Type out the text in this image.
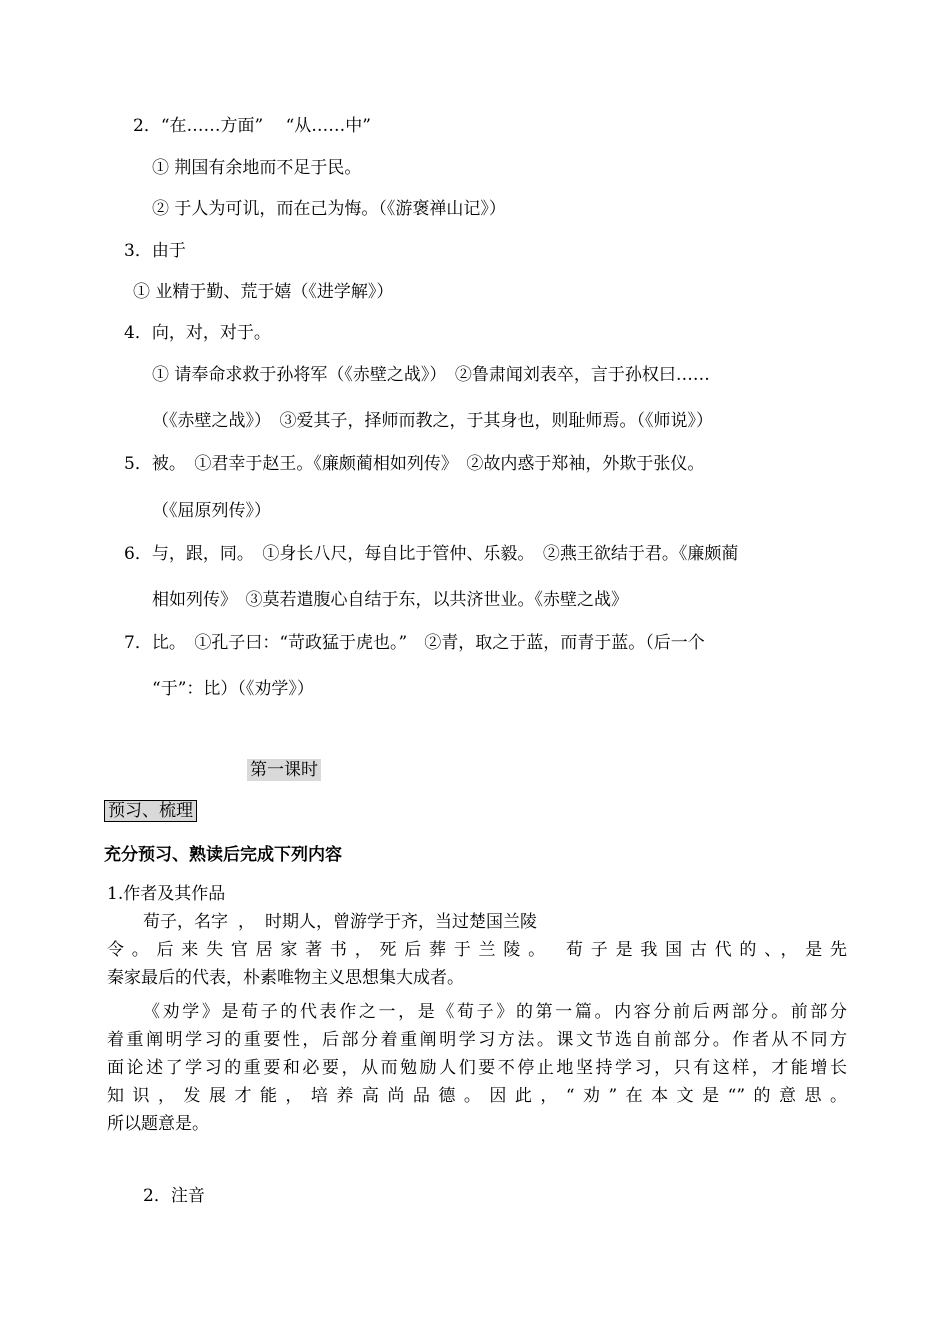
2．“在……方面”　 “从……中”

① 荆国有余地而不足于民。

② 于人为可讥，而在己为悔。（《游褒禅山记》）

3．由于

① 业精于勤、荒于嬉（《进学解》）

4．向，对，对于。

① 请奉命求救于孙将军（《赤壁之战》）　②鲁肃闻刘表卒，言于孙权曰……

（《赤壁之战》）　③爱其子，择师而教之，于其身也，则耻师焉。（《师说》）

5．被。　①君幸于赵王。《廉颇蔺相如列传》　②故内惑于郑袖，外欺于张仪。

（《屈原列传》）

6．与，跟，同。　①身长八尺，每自比于管仲、乐毅。　②燕王欲结于君。《廉颇蔺

相如列传》　③莫若遣腹心自结于东，以共济世业。《赤壁之战》

7．比。　①孔子曰：“苛政猛于虎也。”　②青，取之于蓝，而青于蓝。（后一个

“于”：比）（《劝学》）

第一课时

预习、梳理

充分预习、熟读后完成下列内容

1.作者及其作品

荀子，名字 ， 时期人，曾游学于齐，当过楚国兰陵

令。后来失官居家著书，死后葬于兰陵。 荀子是我国古代的、，是先

秦家最后的代表，朴素唯物主义思想集大成者。

《劝学》是荀子的代表作之一，是《荀子》的第一篇。内容分前后两部分。前部分

着重阐明学习的重要性，后部分着重阐明学习方法。课文节选自前部分。作者从不同方

面论述了学习的重要和必要，从而勉励人们要不停止地坚持学习，只有这样，才能增长

知识，发展才能，培养高尚品德。因此，“劝”在本文是“”的意思。

所以题意是。

2．注音
